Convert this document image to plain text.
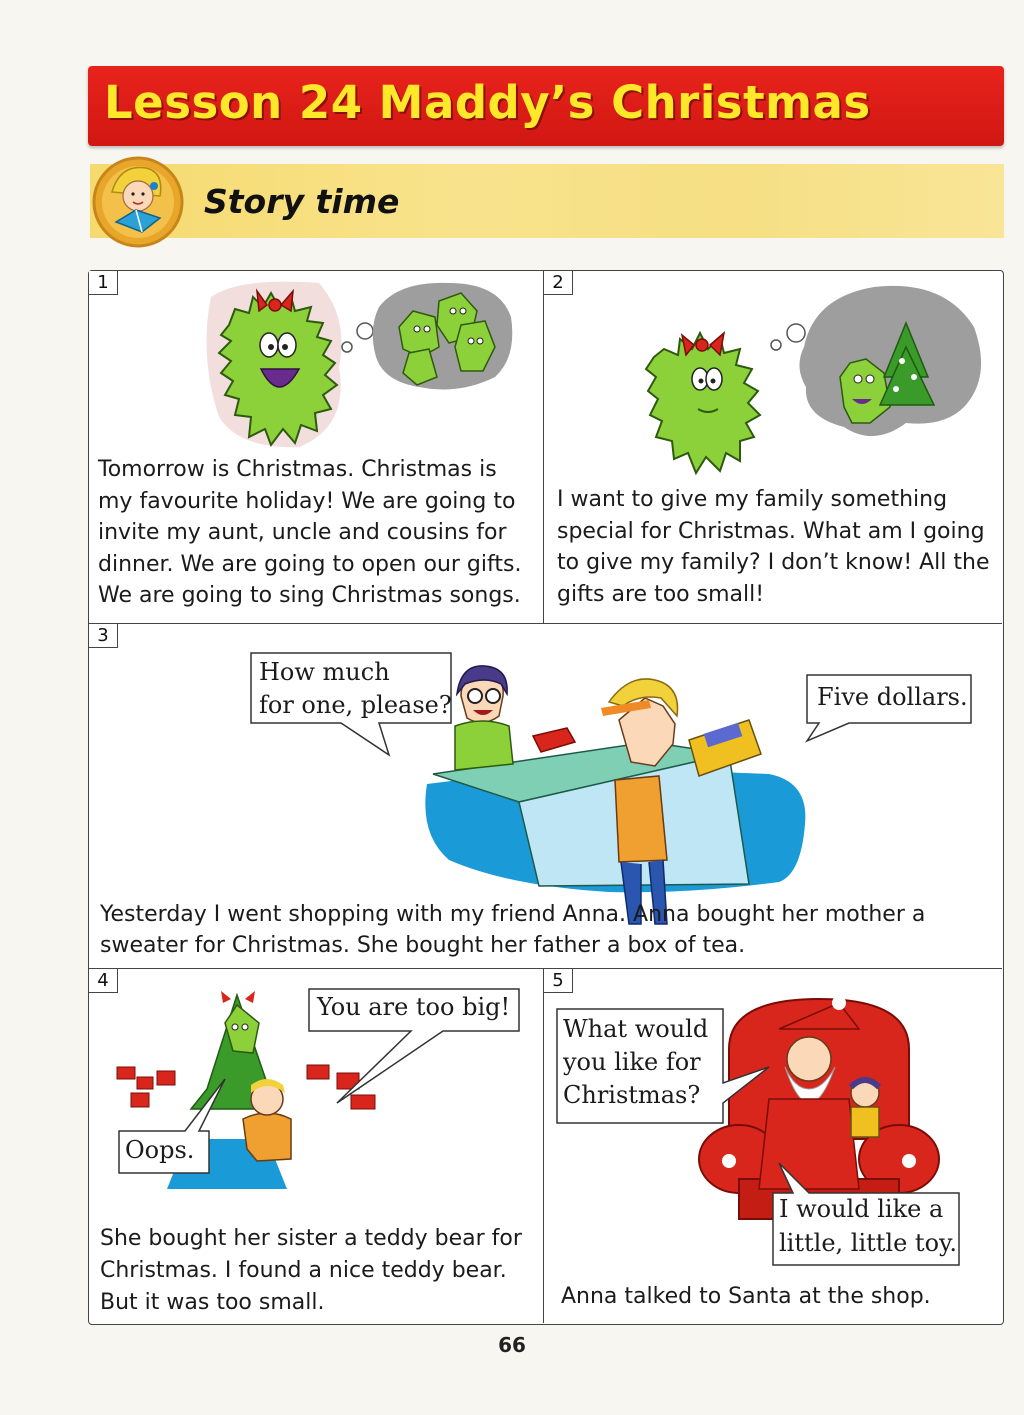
Lesson 24 Maddy’s Christmas
Story time
1
Tomorrow is Christmas. Christmas is
my favourite holiday! We are going to
invite my aunt, uncle and cousins for
dinner. We are going to open our gifts.
We are going to sing Christmas songs.
2
I want to give my family something
special for Christmas. What am I going
to give my family? I don’t know! All the
gifts are too small!
3
How much
for one, please?	Five dollars.
Yesterday I went shopping with my friend Anna. Anna bought her mother a
sweater for Christmas. She bought her father a box of tea.
4
You are too big!
Oops.
She bought her sister a teddy bear for
Christmas. I found a nice teddy bear.
But it was too small.
5
What would
you like for
Christmas?
I would like a
little, little toy.
Anna talked to Santa at the shop.
66
